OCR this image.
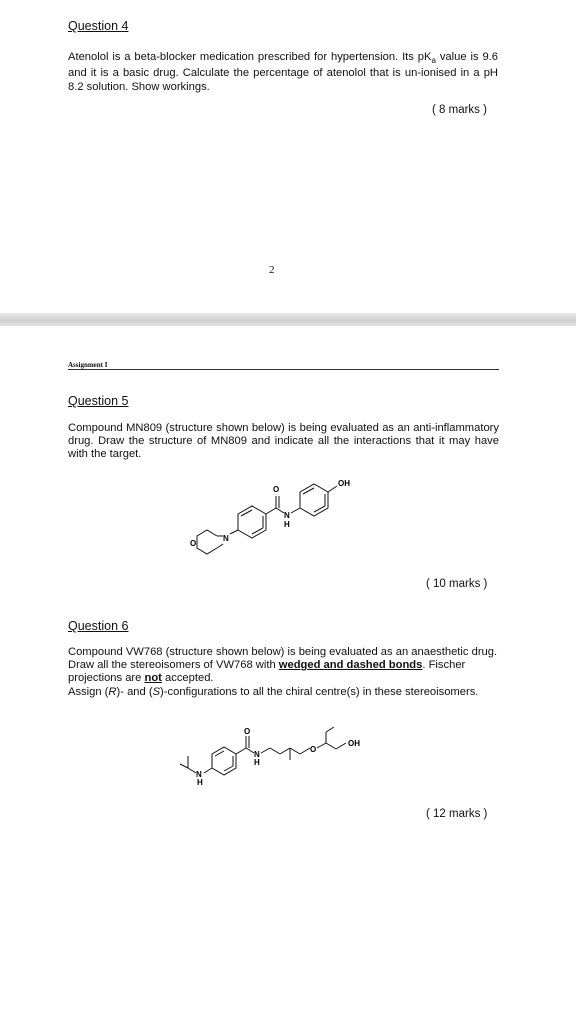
Question 4
Atenolol is a beta-blocker medication prescribed for hypertension. Its $pK_a$ value is 9.6 and it is a basic drug. Calculate the percentage of atenolol that is un-ionised in a pH 8.2 solution. Show workings.
( 8 marks )
2
Assignment I
Question 5
Compound MN809 (structure shown below) is being evaluated as an anti-inflammatory drug. Draw the structure of MN809 and indicate all the interactions that it may have with the target.
N
O
O
N
H
OH
( 10 marks )
Question 6
Compound VW768 (structure shown below) is being evaluated as an anaesthetic drug.
Draw all the stereoisomers of VW768 with wedged and dashed bonds. Fischer projections are not accepted.
Assign (R)- and (S)-configurations to all the chiral centre(s) in these stereoisomers.
N
H
O
N
H
O
OH
( 12 marks )
